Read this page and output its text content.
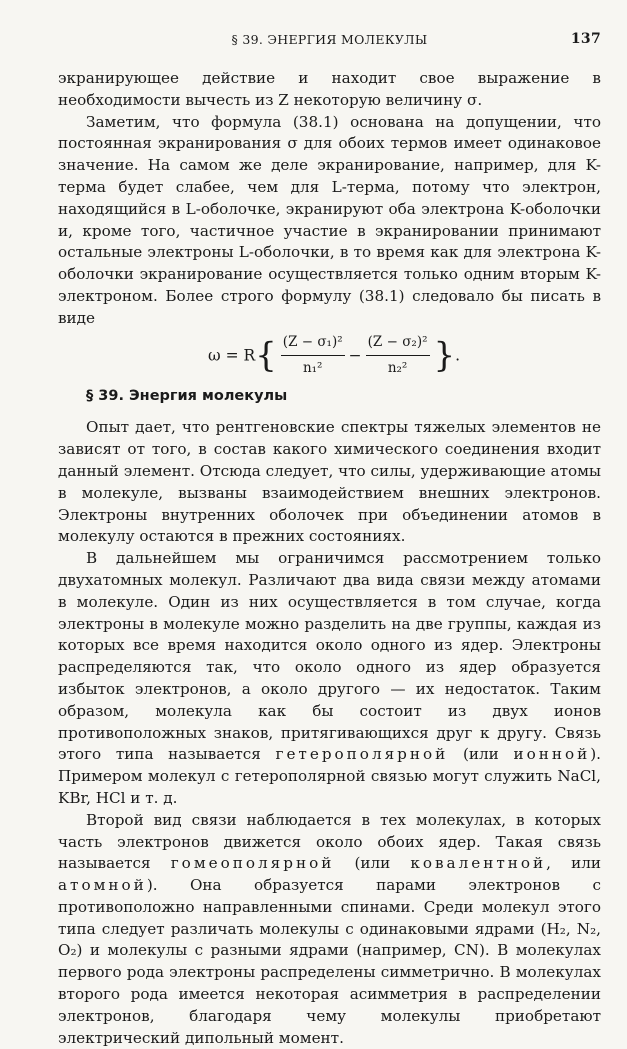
§ 39. ЭНЕРГИЯ МОЛЕКУЛЫ	137

экранирующее действие и находит свое выражение в необходимости вычесть из Z некоторую величину σ.

Заметим, что формула (38.1) основана на допущении, что постоянная экранирования σ для обоих термов имеет одинаковое значение. На самом же деле экранирование, например, для K-терма будет слабее, чем для L-терма, потому что электрон, находящийся в L-оболочке, экранируют оба электрона K-оболочки и, кроме того, частичное участие в экранировании принимают остальные электроны L-оболочки, в то время как для электрона K-оболочки экранирование осуществляется только одним вторым K-электроном. Более строго формулу (38.1) следовало бы писать в виде

$\omega = R\{ \frac{\text{(Z − σ₁)²}}{\text{n₁²}} - \frac{\text{(Z − σ₂)²}}{\text{n₂²}}$ }.
§ 39. Энергия молекулы

Опыт дает, что рентгеновские спектры тяжелых элементов не зависят от того, в состав какого химического соединения входит данный элемент. Отсюда следует, что силы, удерживающие атомы в молекуле, вызваны взаимодействием внешних электронов. Электроны внутренних оболочек при объединении атомов в молекулу остаются в прежних состояниях.

В дальнейшем мы ограничимся рассмотрением только двухатомных молекул. Различают два вида связи между атомами в молекуле. Один из них осуществляется в том случае, когда электроны в молекуле можно разделить на две группы, каждая из которых все время находится около одного из ядер. Электроны распределяются так, что около одного из ядер образуется избыток электронов, а около другого — их недостаток. Таким образом, молекула как бы состоит из двух ионов противоположных знаков, притягивающихся друг к другу. Связь этого типа называется гетерополярной (или ионной). Примером молекул с гетерополярной связью могут служить NaCl, KBr, HCl и т. д.

Второй вид связи наблюдается в тех молекулах, в которых часть электронов движется около обоих ядер. Такая связь называется гомеополярной (или ковалентной, или атомной). Она образуется парами электронов с противоположно направленными спинами. Среди молекул этого типа следует различать молекулы с одинаковыми ядрами (H₂, N₂, O₂) и молекулы с разными ядрами (например, CN). В молекулах первого рода электроны распределены симметрично. В молекулах второго рода имеется некоторая асимметрия в распределении электронов, благодаря чему молекулы приобретают электрический дипольный момент.
